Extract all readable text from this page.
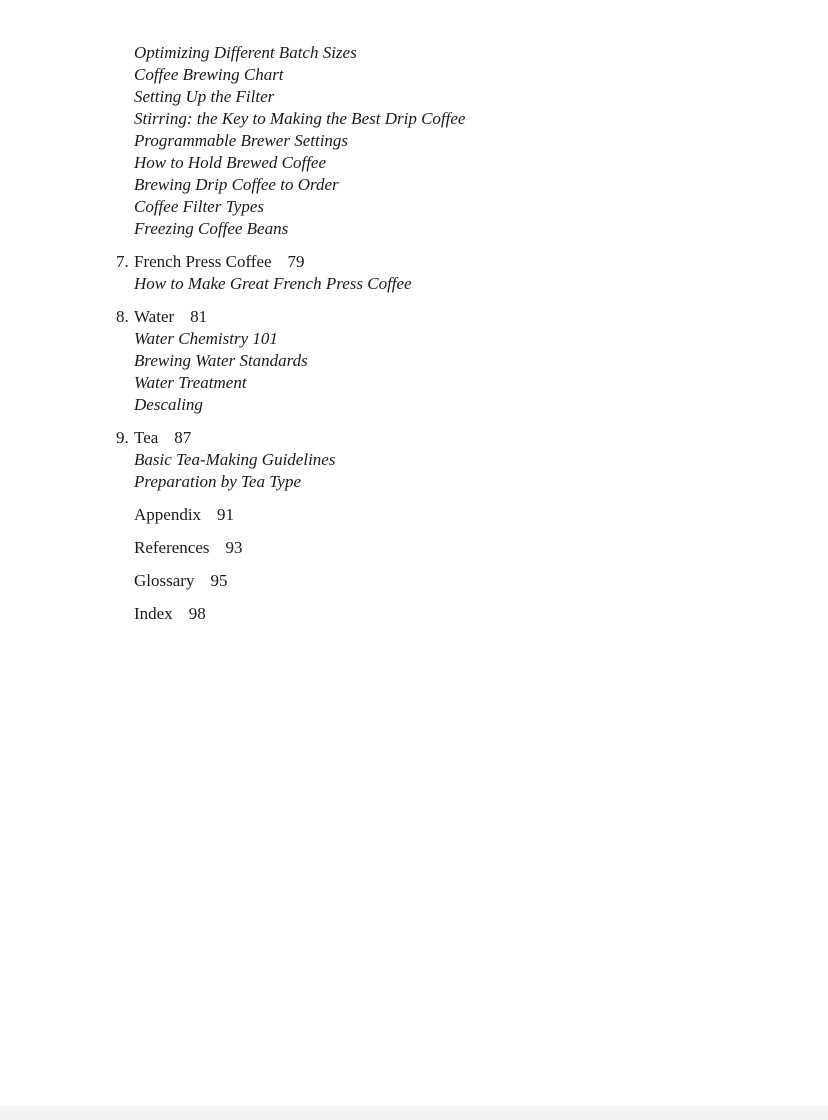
Optimizing Different Batch Sizes
Coffee Brewing Chart
Setting Up the Filter
Stirring: the Key to Making the Best Drip Coffee
Programmable Brewer Settings
How to Hold Brewed Coffee
Brewing Drip Coffee to Order
Coffee Filter Types
Freezing Coffee Beans
7. French Press Coffee 79
How to Make Great French Press Coffee
8. Water 81
Water Chemistry 101
Brewing Water Standards
Water Treatment
Descaling
9. Tea 87
Basic Tea-Making Guidelines
Preparation by Tea Type
Appendix 91
References 93
Glossary 95
Index 98
